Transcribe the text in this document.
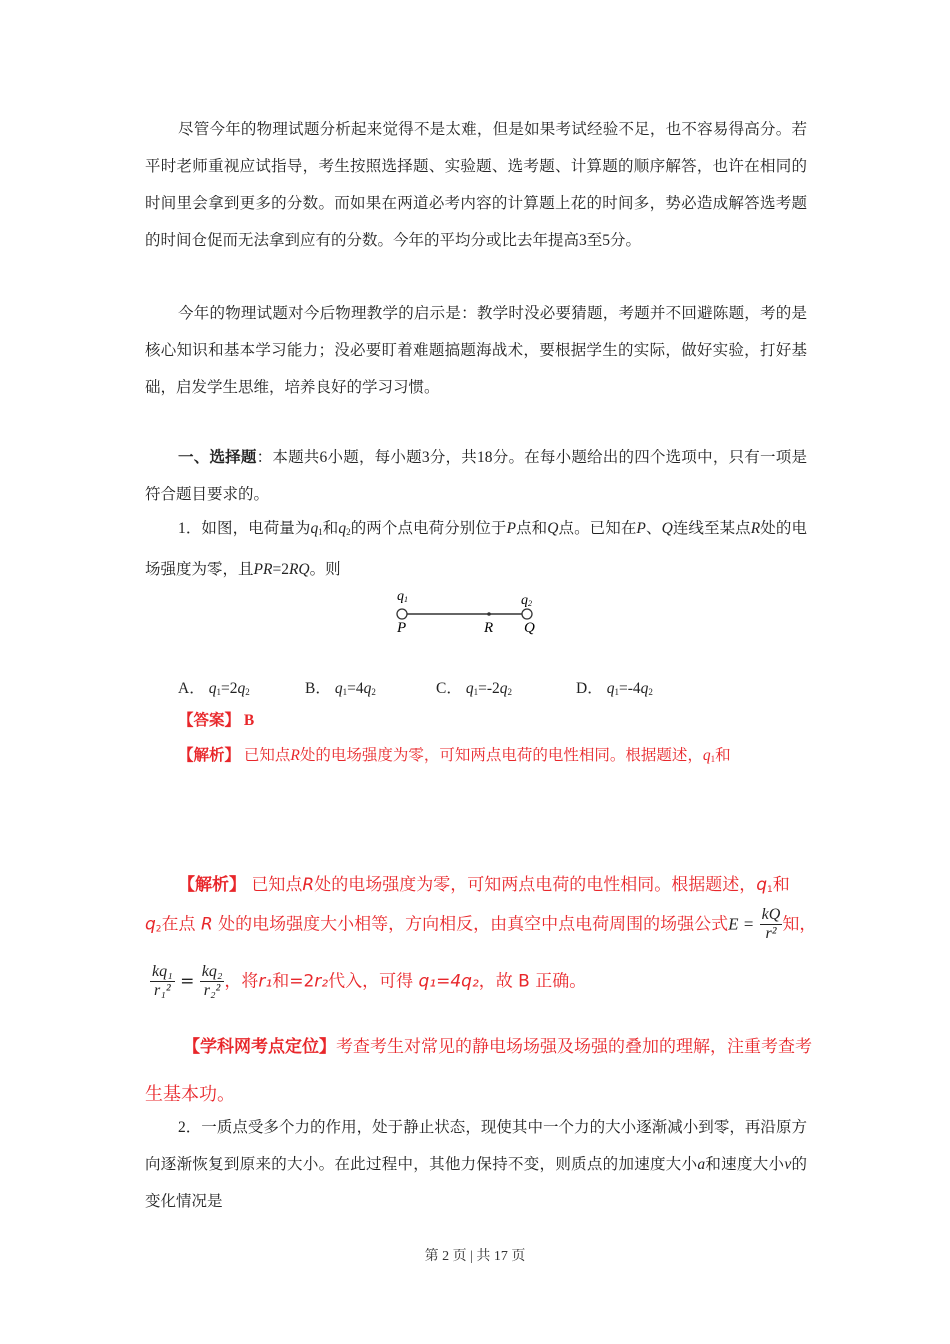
尽管今年的物理试题分析起来觉得不是太难，但是如果考试经验不足，也不容易得高分。若平时老师重视应试指导，考生按照选择题、实验题、选考题、计算题的顺序解答，也许在相同的时间里会拿到更多的分数。而如果在两道必考内容的计算题上花的时间多，势必造成解答选考题的时间仓促而无法拿到应有的分数。今年的平均分或比去年提高3至5分。
今年的物理试题对今后物理教学的启示是：教学时没必要猜题，考题并不回避陈题，考的是核心知识和基本学习能力；没必要盯着难题搞题海战术，要根据学生的实际，做好实验，打好基础，启发学生思维，培养良好的学习习惯。
一、选择题：本题共6小题，每小题3分，共18分。在每小题给出的四个选项中，只有一项是符合题目要求的。
1．如图，电荷量为$q_1$和$q_2$的两个点电荷分别位于P点和Q点。已知在P、Q连线至某点R处的电场强度为零，且PR=2RQ。则
【答案】 B
【解析】 已知点R处的电场强度为零，可知两点电荷的电性相同。根据题述，$q_1$和
2．一质点受多个力的作用，处于静止状态，现使其中一个力的大小逐渐减小到零，再沿原方向逐渐恢复到原来的大小。在此过程中，其他力保持不变，则质点的加速度大小a和速度大小v的变化情况是
q1	q2
P	R Q
A． $q_1=2q_2$	B． $q_1=4q_2$	C． $q_1=-2q_2$	D． $q_1=-4q_2$
【解析】 已知点R处的电场强度为零，可知两点电荷的电性相同。根据题述，$q_1$和
$q_2$在点 R 处的电场强度大小相等，方向相反，由真空中点电荷周围的场强公式$E = \frac{kQ}{\text{r²}}$ 知，
$\frac{\text{kq₁}}{\text{r₁²}} = \frac{\text{kq₂}}{\text{r₂²}}$ ，将r₁和=2r₂代入，可得 q₁=4q₂，故 B 正确。
【学科网考点定位】考查考生对常见的静电场场强及场强的叠加的理解，注重考查考
生基本功。
第 2 页 | 共 17 页
